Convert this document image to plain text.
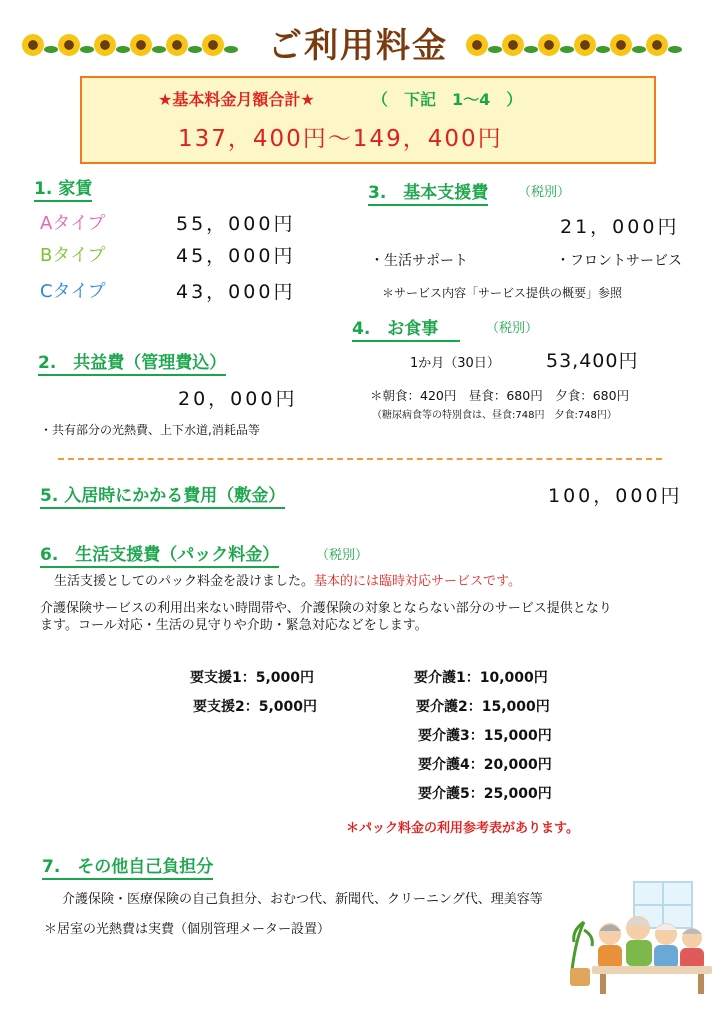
ご利用料金
★基本料金月額合計★	（　下記　1～4　）
137，400円～149，400円
1. 家賃
Aタイプ	55，000円
Bタイプ	45，000円
Cタイプ	43，000円
2.　共益費（管理費込）
20，000円
・共有部分の光熱費、上下水道,消耗品等
3.　基本支援費 （税別）
21，000円
・生活サポート	・フロントサービス
＊サービス内容「サービス提供の概要」参照
4.　お食事	（税別）
1か月（30日） 53,400円
＊朝食：420円　昼食：680円　夕食：680円
（糖尿病食等の特別食は、昼食:748円　夕食:748円）
5. 入居時にかかる費用（敷金）	100，000円
6.　生活支援費（パック料金）	（税別）
生活支援としてのパック料金を設けました。基本的には臨時対応サービスです。
介護保険サービスの利用出来ない時間帯や、介護保険の対象とならない部分のサービス提供となり
ます。コール対応・生活の見守りや介助・緊急対応などをします。
要支援1：5,000円
要支援2：5,000円
要介護1：10,000円
要介護2：15,000円
要介護3：15,000円
要介護4：20,000円
要介護5：25,000円
＊パック料金の利用参考表があります。
7.　その他自己負担分
介護保険・医療保険の自己負担分、おむつ代、新聞代、クリーニング代、理美容等
＊居室の光熱費は実費（個別管理メーター設置）
